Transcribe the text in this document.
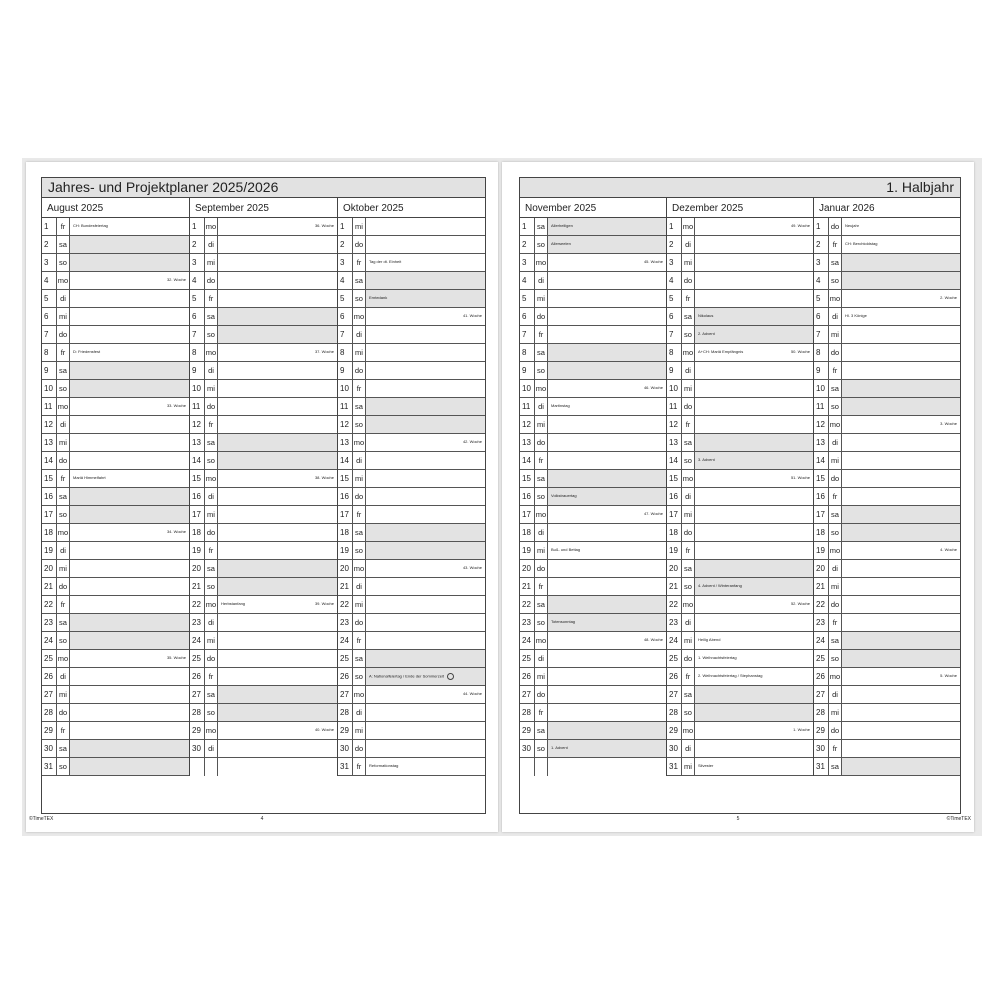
Jahres- und Projektplaner 2025/2026
August 2025
1	fr	CH: Bundesfeiertag
2	sa
3	so
4	mo	32. Woche
5	di
6	mi
7	do
8	fr	D: Friedensfest
9	sa
10 so
11 mo	33. Woche
12 di
13 mi
14 do
15	fr	Mariä Himmelfahrt
16 sa
17 so
18 mo	34. Woche
19 di
20 mi
21 do
22	fr
23 sa
24 so
25 mo	35. Woche
26 di
27 mi
28 do
29	fr
30 sa
31 so
September 2025
1	mo	36. Woche
2	di
3	mi
4	do
5	fr
6	sa
7	so
8	mo	37. Woche
9	di
10 mi
11 do
12	fr
13 sa
14 so
15 mo	38. Woche
16 di
17 mi
18 do
19	fr
20 sa
21 so
22 mo	Herbstanfang	39. Woche
23 di
24 mi
25 do
26	fr
27 sa
28 so
29 mo	40. Woche
30 di
Oktober 2025
1	mi
2	do
3	fr	Tag der dt. Einheit
4	sa
5	so	Erntedank
6	mo	41. Woche
7	di
8	mi
9	do
10	fr
11 sa
12 so
13 mo	42. Woche
14 di
15 mi
16 do
17	fr
18 sa
19 so
20 mo	43. Woche
21 di
22 mi
23 do
24	fr
25 sa
26 so	A: Nationalfeiertag / Ende der Sommerzeit
27 mo	44. Woche
28 di
29 mi
30 do
31	fr	Reformationstag
©TimeTEX	4
1. Halbjahr
November 2025
1	sa	Allerheiligen
2	so	Allerseelen
3	mo	45. Woche
4	di
5	mi
6	do
7	fr
8	sa
9	so
10 mo	46. Woche
11	di	Martinstag
12 mi
13 do
14	fr
15 sa
16 so	Volkstrauertag
17 mo	47. Woche
18 di
19 mi	Buß- und Bettag
20 do
21	fr
22 sa
23 so	Totensonntag
24 mo	48. Woche
25 di
26 mi
27 do
28	fr
29 sa
30 so	1. Advent
Dezember 2025
1	mo	49. Woche
2	di
3	mi
4	do
5	fr
6	sa	Nikolaus
7	so	2. Advent
8	mo	A+CH: Mariä Empfängnis	50. Woche
9	di
10 mi
11 do
12	fr
13 sa
14 so	3. Advent
15 mo	51. Woche
16 di
17 mi
18 do
19	fr
20 sa
21 so	4. Advent / Winteranfang
22 mo	52. Woche
23 di
24 mi	Heilig Abend
25 do	1. Weihnachtsfeiertag
26	fr	2. Weihnachtsfeiertag / Stephanstag
27 sa
28 so
29 mo	1. Woche
30 di
31 mi	Silvester
Januar 2026
1	do	Neujahr
2	fr	CH: Berchtoldstag
3	sa
4	so
5	mo	2. Woche
6	di	Hl. 3 Könige
7	mi
8	do
9	fr
10 sa
11 so
12 mo	3. Woche
13 di
14 mi
15 do
16	fr
17 sa
18 so
19 mo	4. Woche
20 di
21 mi
22 do
23	fr
24 sa
25 so
26 mo	5. Woche
27 di
28 mi
29 do
30	fr
31 sa
5	©TimeTEX
